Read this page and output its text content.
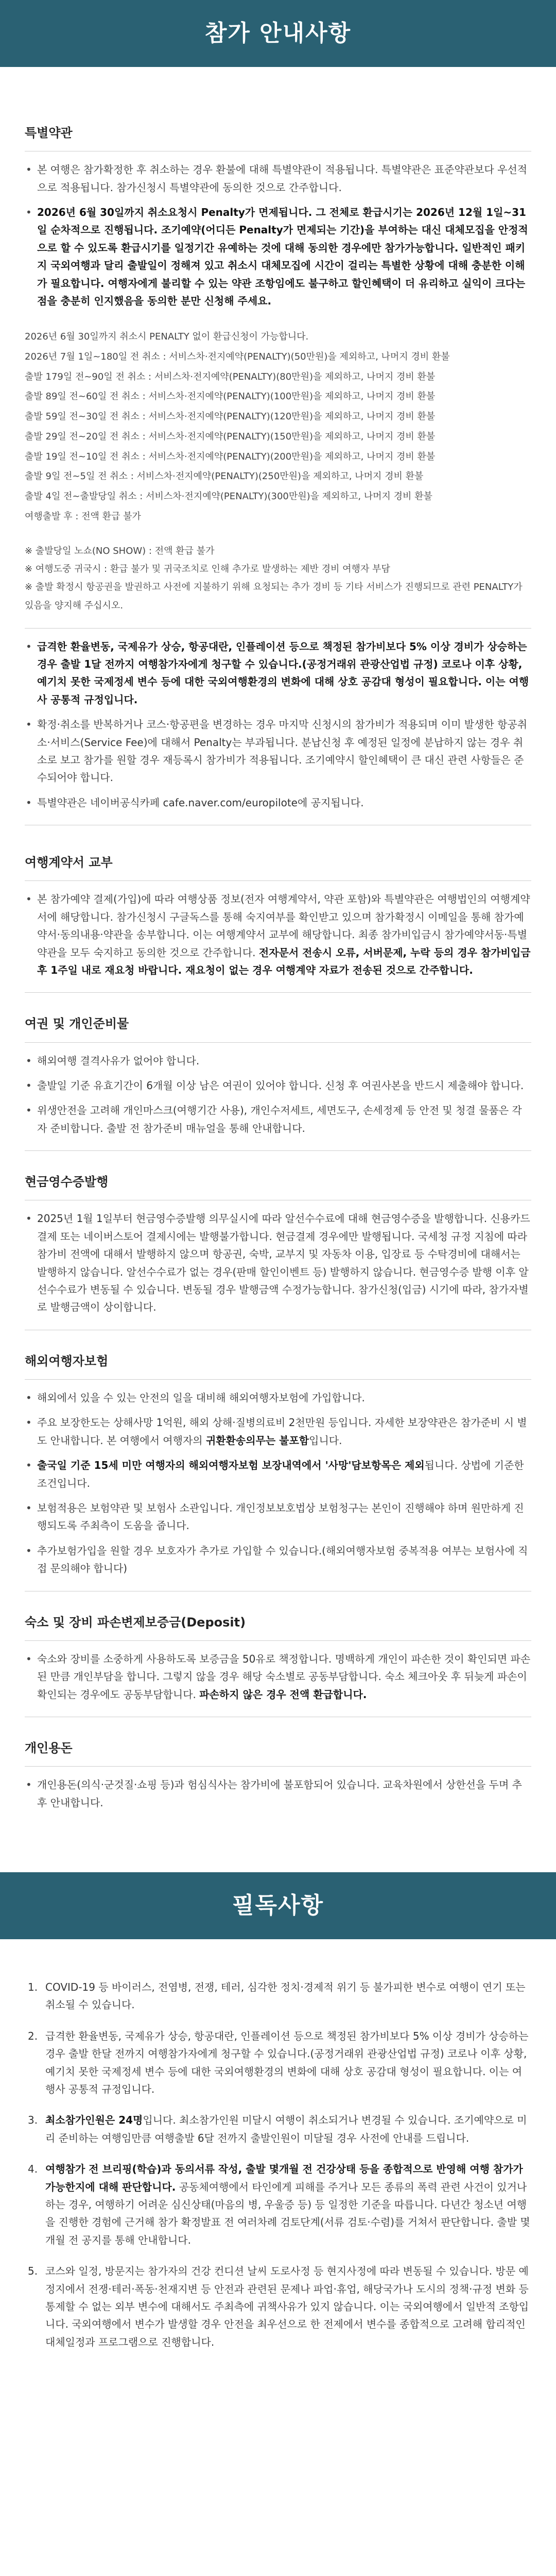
참가 안내사항
특별약관
• 본 여행은 참가확정한 후 취소하는 경우 환불에 대해 특별약관이 적용됩니다. 특별약관은 표준약관보다 우선적으로 적용됩니다. 참가신청시 특별약관에 동의한 것으로 간주합니다.
• 2026년 6월 30일까지 취소요청시 Penalty가 면제됩니다. 그 전체로 환급시기는 2026년 12월 1일~31일 순차적으로 진행됩니다. 조기예약(어디든 Penalty가 면제되는 기간)을 부여하는 대신 대체모집을 안정적으로 할 수 있도록 환급시기를 일정기간 유예하는 것에 대해 동의한 경우에만 참가가능합니다. 일반적인 패키지 국외여행과 달리 출발일이 정해져 있고 취소시 대체모집에 시간이 걸리는 특별한 상황에 대해 충분한 이해가 필요합니다. 여행자에게 불리할 수 있는 약관 조항임에도 불구하고 할인혜택이 더 유리하고 실익이 크다는 점을 충분히 인지했음을 동의한 분만 신청해 주세요.

2026년 6월 30일까지 취소시 PENALTY 없이 환급신청이 가능합니다.

2026년 7월 1일~180일 전 취소 : 서비스차·전지예약(PENALTY)(50만원)을 제외하고, 나머지 경비 환불

출발 179일 전~90일 전 취소 : 서비스차·전지예약(PENALTY)(80만원)을 제외하고, 나머지 경비 환불

출발 89일 전~60일 전 취소 : 서비스차·전지예약(PENALTY)(100만원)을 제외하고, 나머지 경비 환불

출발 59일 전~30일 전 취소 : 서비스차·전지예약(PENALTY)(120만원)을 제외하고, 나머지 경비 환불

출발 29일 전~20일 전 취소 : 서비스차·전지예약(PENALTY)(150만원)을 제외하고, 나머지 경비 환불

출발 19일 전~10일 전 취소 : 서비스차·전지예약(PENALTY)(200만원)을 제외하고, 나머지 경비 환불

출발 9일 전~5일 전 취소 : 서비스차·전지예약(PENALTY)(250만원)을 제외하고, 나머지 경비 환불

출발 4일 전~출발당일 취소 : 서비스차·전지예약(PENALTY)(300만원)을 제외하고, 나머지 경비 환불

여행출발 후 : 전액 환급 불가

※ 출발당일 노쇼(NO SHOW) : 전액 환급 불가

※ 여행도중 귀국시 : 환급 불가 및 귀국조치로 인해 추가로 발생하는 제반 경비 여행자 부담

※ 출발 확정시 항공권을 발권하고 사전에 지불하기 위해 요청되는 추가 경비 등 기타 서비스가 진행되므로 관련 PENALTY가 있음을 양지해 주십시오.

• 급격한 환율변동, 국제유가 상승, 항공대란, 인플레이션 등으로 책정된 참가비보다 5% 이상 경비가 상승하는 경우 출발 1달 전까지 여행참가자에게 청구할 수 있습니다.(공정거래위 관광산업법 규정) 코로나 이후 상황, 예기치 못한 국제정세 변수 등에 대한 국외여행환경의 변화에 대해 상호 공감대 형성이 필요합니다. 이는 여행사 공통적 규정입니다.
• 확정·취소를 반복하거나 코스·항공편을 변경하는 경우 마지막 신청시의 참가비가 적용되며 이미 발생한 항공취소·서비스(Service Fee)에 대해서 Penalty는 부과됩니다. 분납신청 후 예정된 일정에 분납하지 않는 경우 취소로 보고 참가를 원할 경우 재등록시 참가비가 적용됩니다. 조기예약시 할인혜택이 큰 대신 관련 사항들은 준수되어야 합니다.
• 특별약관은 네이버공식카페 cafe.naver.com/europilote에 공지됩니다.
여행계약서 교부
• 본 참가예약 결제(가입)에 따라 여행상품 정보(전자 여행계약서, 약관 포함)와 특별약관은 여행법인의 여행계약서에 해당합니다. 참가신청시 구글독스를 통해 숙지여부를 확인받고 있으며 참가확정시 이메일을 통해 참가예약서·동의내용·약관을 송부합니다. 이는 여행계약서 교부에 해당합니다. 최종 참가비입금시 참가예약서동·특별약관을 모두 숙지하고 동의한 것으로 간주합니다. 전자문서 전송시 오류, 서버문제, 누락 등의 경우 참가비입금 후 1주일 내로 재요청 바랍니다. 재요청이 없는 경우 여행계약 자료가 전송된 것으로 간주합니다.
여권 및 개인준비물
• 해외여행 결격사유가 없어야 합니다.
• 출발일 기준 유효기간이 6개월 이상 남은 여권이 있어야 합니다. 신청 후 여권사본을 반드시 제출해야 합니다.
• 위생안전을 고려해 개인마스크(여행기간 사용), 개인수저세트, 세면도구, 손세정제 등 안전 및 청결 물품은 각자 준비합니다. 출발 전 참가준비 매뉴얼을 통해 안내합니다.
현금영수증발행
• 2025년 1월 1일부터 현금영수증발행 의무실시에 따라 알선수수료에 대해 현금영수증을 발행합니다. 신용카드결제 또는 네이버스토어 결제시에는 발행불가합니다. 현금결제 경우에만 발행됩니다. 국세청 규정 지침에 따라 참가비 전액에 대해서 발행하지 않으며 항공권, 숙박, 교부지 및 자동차 이용, 입장료 등 수탁경비에 대해서는 발행하지 않습니다. 알선수수료가 없는 경우(판매 할인이벤트 등) 발행하지 않습니다. 현금영수증 발행 이후 알선수수료가 변동될 수 있습니다. 변동될 경우 발행금액 수정가능합니다. 참가신청(입금) 시기에 따라, 참가자별로 발행금액이 상이합니다.
해외여행자보험
• 해외에서 있을 수 있는 안전의 일을 대비해 해외여행자보험에 가입합니다.
• 주요 보장한도는 상해사망 1억원, 해외 상해·질병의료비 2천만원 등입니다. 자세한 보장약관은 참가준비 시 별도 안내합니다. 본 여행에서 여행자의 귀환환송의무는 불포함입니다.
• 출국일 기준 15세 미만 여행자의 해외여행자보험 보장내역에서 '사망'담보항목은 제외됩니다. 상법에 기준한 조건입니다.
• 보험적용은 보험약관 및 보험사 소관입니다. 개인정보보호법상 보험청구는 본인이 진행해야 하며 원만하게 진행되도록 주최측이 도움을 줍니다.
• 추가보험가입을 원할 경우 보호자가 추가로 가입할 수 있습니다.(해외여행자보험 중복적용 여부는 보험사에 직접 문의해야 합니다)
숙소 및 장비 파손변제보증금(Deposit)
• 숙소와 장비를 소중하게 사용하도록 보증금을 50유로 책정합니다. 명백하게 개인이 파손한 것이 확인되면 파손된 만큼 개인부담을 합니다. 그렇지 않을 경우 해당 숙소별로 공동부담합니다. 숙소 체크아웃 후 뒤늦게 파손이 확인되는 경우에도 공동부담합니다. 파손하지 않은 경우 전액 환급합니다.
개인용돈
• 개인용돈(의식·군것질·쇼핑 등)과 험심식사는 참가비에 불포함되어 있습니다. 교육차원에서 상한선을 두며 추후 안내합니다.
필독사항
1. COVID-19 등 바이러스, 전염병, 전쟁, 테러, 심각한 정치·경제적 위기 등 불가피한 변수로 여행이 연기 또는 취소될 수 있습니다.
2. 급격한 환율변동, 국제유가 상승, 항공대란, 인플레이션 등으로 책정된 참가비보다 5% 이상 경비가 상승하는 경우 출발 한달 전까지 여행참가자에게 청구할 수 있습니다.(공정거래위 관광산업법 규정) 코로나 이후 상황, 예기치 못한 국제정세 변수 등에 대한 국외여행환경의 변화에 대해 상호 공감대 형성이 필요합니다. 이는 여행사 공통적 규정입니다.
3. 최소참가인원은 24명입니다. 최소참가인원 미달시 여행이 취소되거나 변경될 수 있습니다. 조기예약으로 미리 준비하는 여행임만큼 여행출발 6달 전까지 출발인원이 미달될 경우 사전에 안내를 드립니다.
4. 여행참가 전 브리핑(학습)과 동의서류 작성, 출발 몇개월 전 건강상태 등을 종합적으로 반영해 여행 참가가 가능한지에 대해 판단합니다. 공동체여행에서 타인에게 피해를 주거나 모든 종류의 폭력 관련 사건이 있거나 하는 경우, 여행하기 어려운 심신상태(마음의 병, 우울증 등) 등 일정한 기준을 따릅니다. 다년간 청소년 여행을 진행한 경험에 근거해 참가 확정발표 전 여러차례 검토단계(서류 검토·수렴)를 거쳐서 판단합니다. 출발 몇개월 전 공지를 통해 안내합니다.
5. 코스와 일정, 방문지는 참가자의 건강 컨디션 날씨 도로사정 등 현지사정에 따라 변동될 수 있습니다. 방문 예정지에서 전쟁·테러·폭동·천재지변 등 안전과 관련된 문제나 파업·휴업, 해당국가나 도시의 정책·규정 변화 등 통제할 수 없는 외부 변수에 대해서도 주최측에 귀책사유가 있지 않습니다. 이는 국외여행에서 일반적 조항입니다. 국외여행에서 변수가 발생할 경우 안전을 최우선으로 한 전제에서 변수를 종합적으로 고려해 합리적인 대체일정과 프로그램으로 진행합니다.
